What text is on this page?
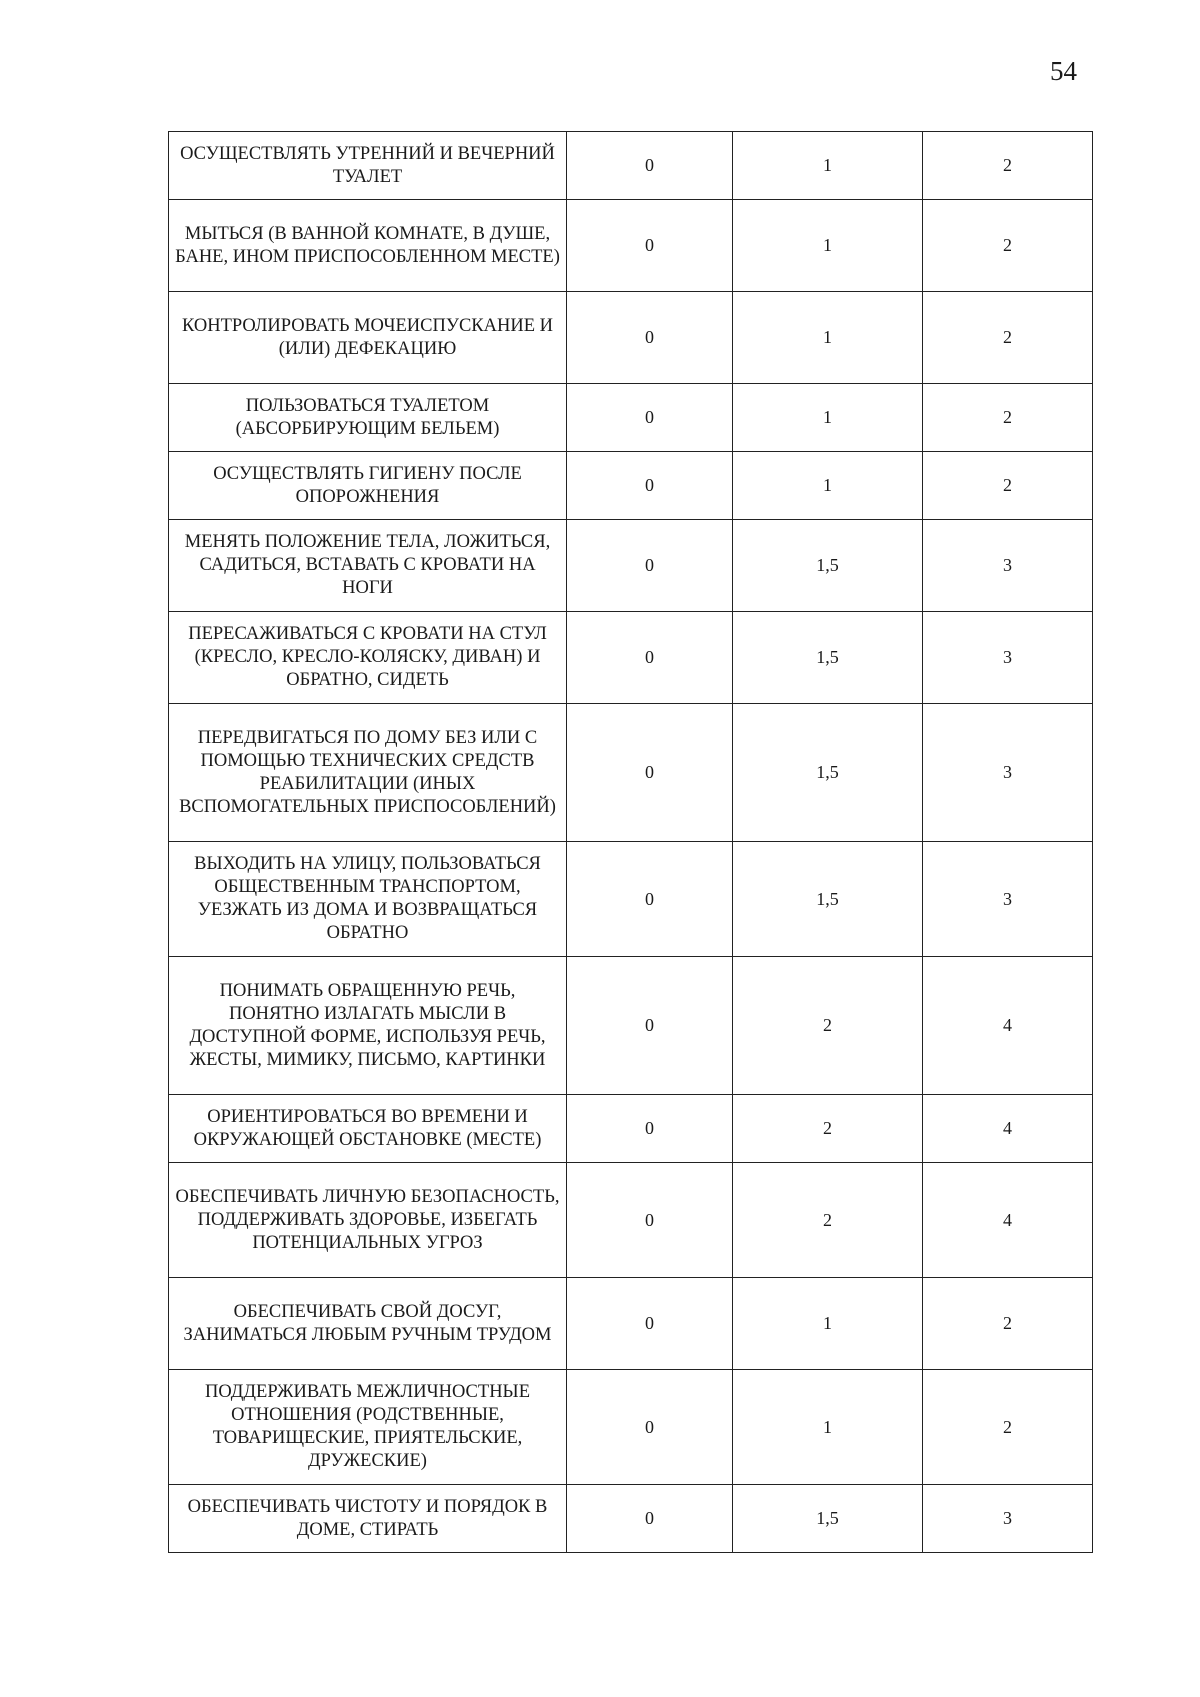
54
ОСУЩЕСТВЛЯТЬ УТРЕННИЙ И ВЕЧЕРНИЙ ТУАЛЕТ	0	1	2
МЫТЬСЯ (В ВАННОЙ КОМНАТЕ, В ДУШЕ, БАНЕ, ИНОМ ПРИСПОСОБЛЕННОМ МЕСТЕ)	0	1	2
КОНТРОЛИРОВАТЬ МОЧЕИСПУСКАНИЕ И (ИЛИ) ДЕФЕКАЦИЮ	0	1	2
ПОЛЬЗОВАТЬСЯ ТУАЛЕТОМ (АБСОРБИРУЮЩИМ БЕЛЬЕМ)	0	1	2
ОСУЩЕСТВЛЯТЬ ГИГИЕНУ ПОСЛЕ ОПОРОЖНЕНИЯ	0	1	2
МЕНЯТЬ ПОЛОЖЕНИЕ ТЕЛА, ЛОЖИТЬСЯ, САДИТЬСЯ, ВСТАВАТЬ С КРОВАТИ НА НОГИ	0	1,5	3
ПЕРЕСАЖИВАТЬСЯ С КРОВАТИ НА СТУЛ (КРЕСЛО, КРЕСЛО-КОЛЯСКУ, ДИВАН) И ОБРАТНО, СИДЕТЬ	0	1,5	3
ПЕРЕДВИГАТЬСЯ ПО ДОМУ БЕЗ ИЛИ С ПОМОЩЬЮ ТЕХНИЧЕСКИХ СРЕДСТВ РЕАБИЛИТАЦИИ (ИНЫХ ВСПОМОГАТЕЛЬНЫХ ПРИСПОСОБЛЕНИЙ)	0	1,5	3
ВЫХОДИТЬ НА УЛИЦУ, ПОЛЬЗОВАТЬСЯ ОБЩЕСТВЕННЫМ ТРАНСПОРТОМ, УЕЗЖАТЬ ИЗ ДОМА И ВОЗВРАЩАТЬСЯ ОБРАТНО	0	1,5	3
ПОНИМАТЬ ОБРАЩЕННУЮ РЕЧЬ, ПОНЯТНО ИЗЛАГАТЬ МЫСЛИ В ДОСТУПНОЙ ФОРМЕ, ИСПОЛЬЗУЯ РЕЧЬ, ЖЕСТЫ, МИМИКУ, ПИСЬМО, КАРТИНКИ	0	2	4
ОРИЕНТИРОВАТЬСЯ ВО ВРЕМЕНИ И ОКРУЖАЮЩЕЙ ОБСТАНОВКЕ (МЕСТЕ)	0	2	4
ОБЕСПЕЧИВАТЬ ЛИЧНУЮ БЕЗОПАСНОСТЬ, ПОДДЕРЖИВАТЬ ЗДОРОВЬЕ, ИЗБЕГАТЬ ПОТЕНЦИАЛЬНЫХ УГРОЗ	0	2	4
ОБЕСПЕЧИВАТЬ СВОЙ ДОСУГ, ЗАНИМАТЬСЯ ЛЮБЫМ РУЧНЫМ ТРУДОМ	0	1	2
ПОДДЕРЖИВАТЬ МЕЖЛИЧНОСТНЫЕ ОТНОШЕНИЯ (РОДСТВЕННЫЕ, ТОВАРИЩЕСКИЕ, ПРИЯТЕЛЬСКИЕ, ДРУЖЕСКИЕ)	0	1	2
ОБЕСПЕЧИВАТЬ ЧИСТОТУ И ПОРЯДОК В ДОМЕ, СТИРАТЬ	0	1,5	3
